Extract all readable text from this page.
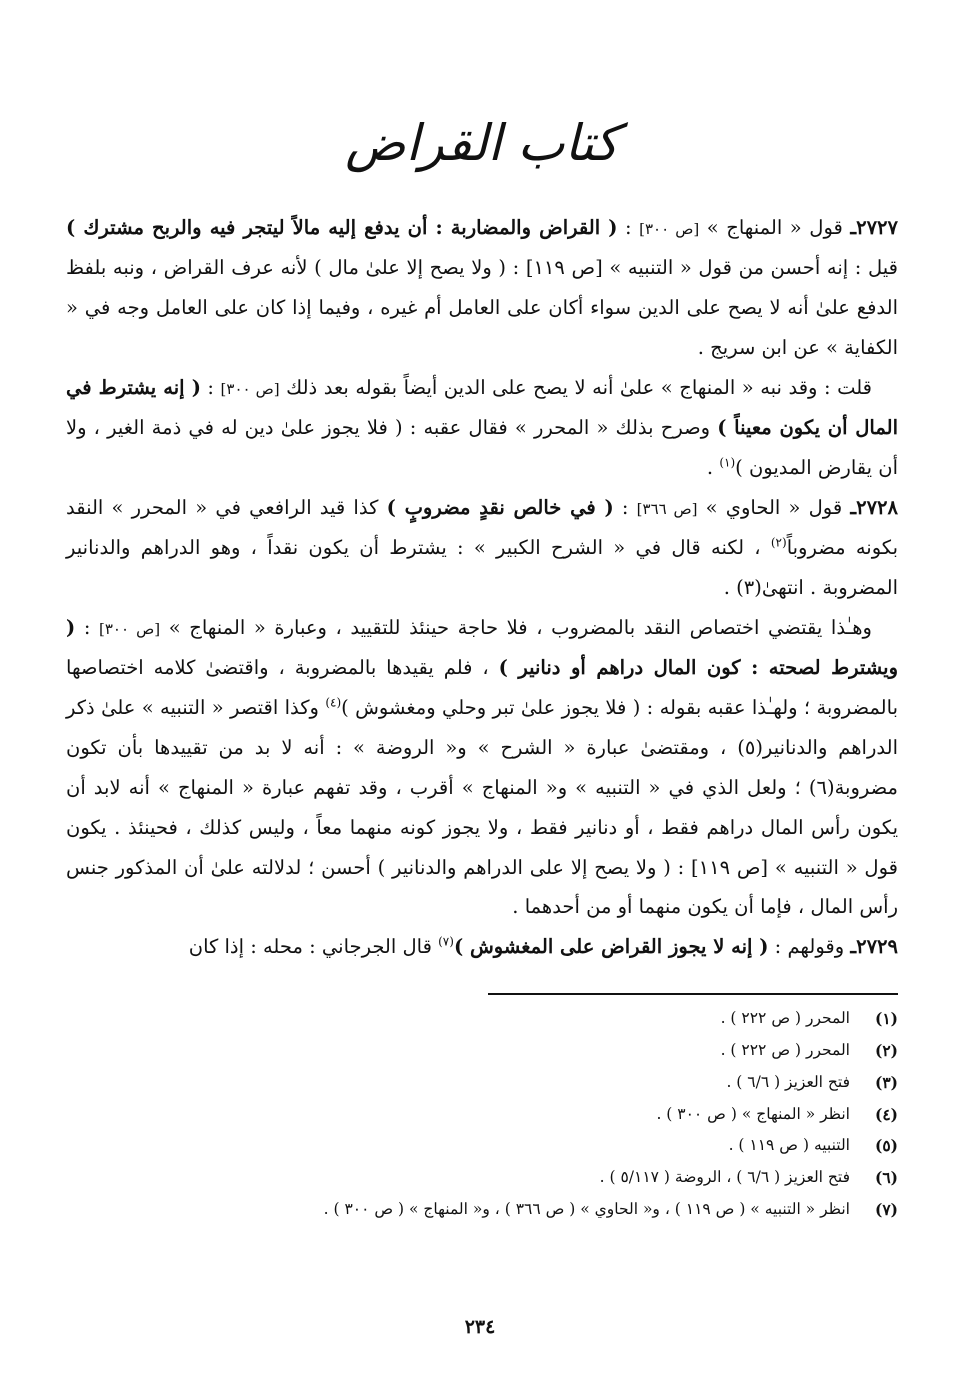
كتاب القراض

٢٧٢٧ـ قول « المنهاج » [ص ٣٠٠] : ( القراض والمضاربة : أن يدفع إليه مالاً ليتجر فيه والربح مشترك ) قيل : إنه أحسن من قول « التنبيه » [ص ١١٩] : ( ولا يصح إلا علىٰ مال ) لأنه عرف القراض ، ونبه بلفظ الدفع علىٰ أنه لا يصح على الدين سواء أكان على العامل أم غيره ، وفيما إذا كان على العامل وجه في « الكفاية » عن ابن سريج .

قلت : وقد نبه « المنهاج » علىٰ أنه لا يصح على الدين أيضاً بقوله بعد ذلك [ص ٣٠٠] : ( إنه يشترط في المال أن يكون معيناً ) وصرح بذلك « المحرر » فقال عقبه : ( فلا يجوز علىٰ دين له في ذمة الغير ، ولا أن يقارض المديون )$^{(١)}$ .

٢٧٢٨ـ قول « الحاوي » [ص ٣٦٦] : ( في خالص نقدٍ مضروبٍ ) كذا قيد الرافعي في « المحرر » النقد بكونه مضروباً$^{(٢)}$ ، لكنه قال في « الشرح الكبير » : يشترط أن يكون نقداً ، وهو الدراهم والدنانير المضروبة . انتهىٰ(٣) .

وهـٰذا يقتضي اختصاص النقد بالمضروب ، فلا حاجة حينئذ للتقييد ، وعبارة « المنهاج » [ص ٣٠٠] : ( ويشترط لصحته : كون المال دراهم أو دنانير ) ، فلم يقيدها بالمضروبة ، واقتضىٰ كلامه اختصاصها بالمضروبة ؛ ولهـٰذا عقبه بقوله : ( فلا يجوز علىٰ تبر وحلي ومغشوش )$^{(٤)}$ وكذا اقتصر « التنبيه » علىٰ ذكر الدراهم والدنانير(٥) ، ومقتضىٰ عبارة « الشرح » و« الروضة » : أنه لا بد من تقييدها بأن تكون مضروبة(٦) ؛ ولعل الذي في « التنبيه » و« المنهاج » أقرب ، وقد تفهم عبارة « المنهاج » أنه لابد أن يكون رأس المال دراهم فقط ، أو دنانير فقط ، ولا يجوز كونه منهما معاً ، وليس كذلك ، فحينئذ . يكون قول « التنبيه » [ص ١١٩] : ( ولا يصح إلا على الدراهم والدنانير ) أحسن ؛ لدلالته علىٰ أن المذكور جنس رأس المال ، فإما أن يكون منهما أو من أحدهما .

٢٧٢٩ـ وقولهم : ( إنه لا يجوز القراض على المغشوش )$^{(٧)}$ قال الجرجاني : محله : إذا كان

(١)
المحرر ( ص ٢٢٢ ) .
(٢)
المحرر ( ص ٢٢٢ ) .
(٣)
فتح العزيز ( ٦/٦ ) .
(٤)
انظر « المنهاج » ( ص ٣٠٠ ) .
(٥)
التنبيه ( ص ١١٩ ) .
(٦)
فتح العزيز ( ٦/٦ ) ، الروضة ( ٥/١١٧ ) .
(٧)
انظر « التنبيه » ( ص ١١٩ ) ، و« الحاوي » ( ص ٣٦٦ ) ، و« المنهاج » ( ص ٣٠٠ ) .
٢٣٤
